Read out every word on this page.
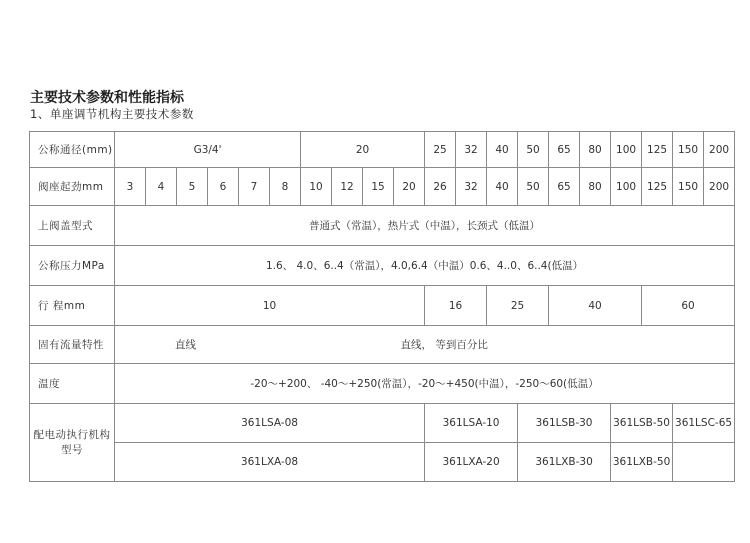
主要技术参数和性能指标
1、单座调节机构主要技术参数
公称通径(mm)	G3/4'						20				25	32	40	50	65	80	100	125	150	200
阀座起劲mm	3	4	5	6	7	8	10	12	15	20	26	32	40	50	65	80	100	125	150	200
上阀盖型式	普通式（常温），热片式（中温），长颈式（低温）																			
公称压力MPa	1.6、 4.0、6..4（常温），4.0,6.4（中温）0.6、4..0、6..4(低温）																			
行 程mm	10										16		25		40			60		
固有流量特性	直线						直线， 等到百分比													
温度	-20～+200、 -40～+250(常温），-20～+450(中温），-250～60(低温）																			
配电动执行机构型号	361LSA-08										361LSA-10			361LSB-30			361LSB-50		361LSC-65	
	361LXA-08										361LXA-20			361LXB-30			361LXB-50			
